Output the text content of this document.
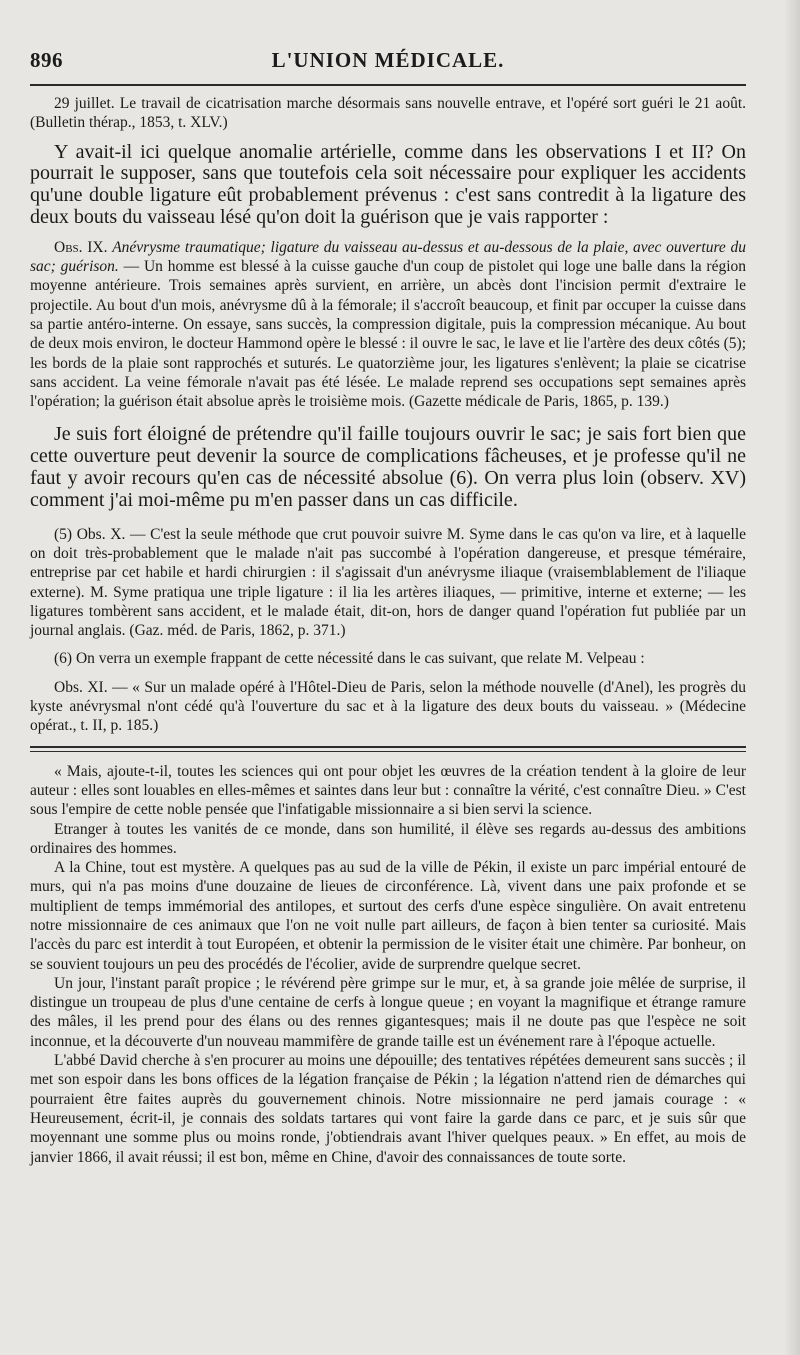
896	L'UNION MÉDICALE.

29 juillet. Le travail de cicatrisation marche désormais sans nouvelle entrave, et l'opéré sort guéri le 21 août. (Bulletin thérap., 1853, t. XLV.)

Y avait-il ici quelque anomalie artérielle, comme dans les observations I et II? On pourrait le supposer, sans que toutefois cela soit nécessaire pour expliquer les accidents qu'une double ligature eût probablement prévenus : c'est sans contredit à la ligature des deux bouts du vaisseau lésé qu'on doit la guérison que je vais rapporter :

Obs. IX. Anévrysme traumatique; ligature du vaisseau au-dessus et au-dessous de la plaie, avec ouverture du sac; guérison. — Un homme est blessé à la cuisse gauche d'un coup de pistolet qui loge une balle dans la région moyenne antérieure. Trois semaines après survient, en arrière, un abcès dont l'incision permit d'extraire le projectile. Au bout d'un mois, anévrysme dû à la fémorale; il s'accroît beaucoup, et finit par occuper la cuisse dans sa partie antéro-interne. On essaye, sans succès, la compression digitale, puis la compression mécanique. Au bout de deux mois environ, le docteur Hammond opère le blessé : il ouvre le sac, le lave et lie l'artère des deux côtés (5); les bords de la plaie sont rapprochés et suturés. Le quatorzième jour, les ligatures s'enlèvent; la plaie se cicatrise sans accident. La veine fémorale n'avait pas été lésée. Le malade reprend ses occupations sept semaines après l'opération; la guérison était absolue après le troisième mois. (Gazette médicale de Paris, 1865, p. 139.)

Je suis fort éloigné de prétendre qu'il faille toujours ouvrir le sac; je sais fort bien que cette ouverture peut devenir la source de complications fâcheuses, et je professe qu'il ne faut y avoir recours qu'en cas de nécessité absolue (6). On verra plus loin (observ. XV) comment j'ai moi-même pu m'en passer dans un cas difficile.

(5) Obs. X. — C'est la seule méthode que crut pouvoir suivre M. Syme dans le cas qu'on va lire, et à laquelle on doit très-probablement que le malade n'ait pas succombé à l'opération dangereuse, et presque téméraire, entreprise par cet habile et hardi chirurgien : il s'agissait d'un anévrysme iliaque (vraisemblablement de l'iliaque externe). M. Syme pratiqua une triple ligature : il lia les artères iliaques, — primitive, interne et externe; — les ligatures tombèrent sans accident, et le malade était, dit-on, hors de danger quand l'opération fut publiée par un journal anglais. (Gaz. méd. de Paris, 1862, p. 371.)

(6) On verra un exemple frappant de cette nécessité dans le cas suivant, que relate M. Velpeau :

Obs. XI. — « Sur un malade opéré à l'Hôtel-Dieu de Paris, selon la méthode nouvelle (d'Anel), les progrès du kyste anévrysmal n'ont cédé qu'à l'ouverture du sac et à la ligature des deux bouts du vaisseau. » (Médecine opérat., t. II, p. 185.)

« Mais, ajoute-t-il, toutes les sciences qui ont pour objet les œuvres de la création tendent à la gloire de leur auteur : elles sont louables en elles-mêmes et saintes dans leur but : connaître la vérité, c'est connaître Dieu. » C'est sous l'empire de cette noble pensée que l'infatigable missionnaire a si bien servi la science.

Etranger à toutes les vanités de ce monde, dans son humilité, il élève ses regards au-dessus des ambitions ordinaires des hommes.

A la Chine, tout est mystère. A quelques pas au sud de la ville de Pékin, il existe un parc impérial entouré de murs, qui n'a pas moins d'une douzaine de lieues de circonférence. Là, vivent dans une paix profonde et se multiplient de temps immémorial des antilopes, et surtout des cerfs d'une espèce singulière. On avait entretenu notre missionnaire de ces animaux que l'on ne voit nulle part ailleurs, de façon à bien tenter sa curiosité. Mais l'accès du parc est interdit à tout Européen, et obtenir la permission de le visiter était une chimère. Par bonheur, on se souvient toujours un peu des procédés de l'écolier, avide de surprendre quelque secret.

Un jour, l'instant paraît propice ; le révérend père grimpe sur le mur, et, à sa grande joie mêlée de surprise, il distingue un troupeau de plus d'une centaine de cerfs à longue queue ; en voyant la magnifique et étrange ramure des mâles, il les prend pour des élans ou des rennes gigantesques; mais il ne doute pas que l'espèce ne soit inconnue, et la découverte d'un nouveau mammifère de grande taille est un événement rare à l'époque actuelle.

L'abbé David cherche à s'en procurer au moins une dépouille; des tentatives répétées demeurent sans succès ; il met son espoir dans les bons offices de la légation française de Pékin ; la légation n'attend rien de démarches qui pourraient être faites auprès du gouvernement chinois. Notre missionnaire ne perd jamais courage : « Heureusement, écrit-il, je connais des soldats tartares qui vont faire la garde dans ce parc, et je suis sûr que moyennant une somme plus ou moins ronde, j'obtiendrais avant l'hiver quelques peaux. » En effet, au mois de janvier 1866, il avait réussi; il est bon, même en Chine, d'avoir des connaissances de toute sorte.
